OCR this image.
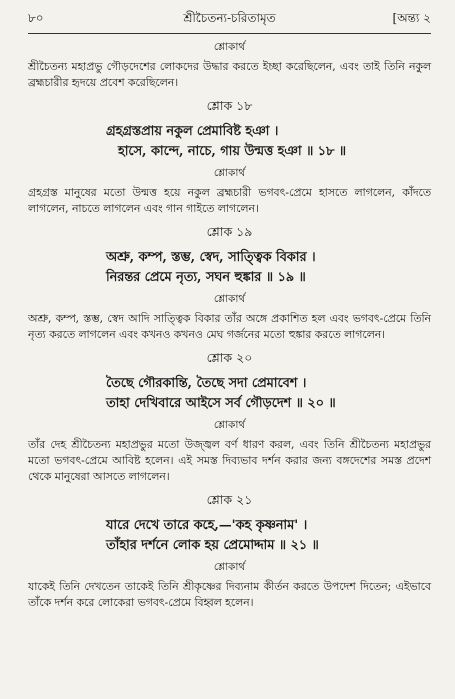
৮০	শ্রীচৈতন্য-চরিতামৃত	[অন্ত্য ২
শ্লোকার্থ

শ্রীচৈতন্য মহাপ্রভু গৌড়দেশের লোকদের উদ্ধার করতে ইচ্ছা করেছিলেন, এবং তাই তিনি নকুল ব্রহ্মচারীর হৃদয়ে প্রবেশ করেছিলেন।

শ্লোক ১৮
গ্রহগ্রস্তপ্রায় নকুল প্রেমাবিষ্ট হঞা ।
হাসে, কান্দে, নাচে, গায় উন্মত্ত হঞা ॥ ১৮ ॥
শ্লোকার্থ

গ্রহগ্রস্ত মানুষের মতো উন্মত্ত হয়ে নকুল ব্রহ্মচারী ভগবৎ-প্রেমে হাসতে লাগলেন, কাঁদতে লাগলেন, নাচতে লাগলেন এবং গান গাইতে লাগলেন।

শ্লোক ১৯
অশ্রু, কম্প, স্তম্ভ, স্বেদ, সাত্ত্বিক বিকার ।
নিরন্তর প্রেমে নৃত্য, সঘন হুঙ্কার ॥ ১৯ ॥
শ্লোকার্থ

অশ্রু, কম্প, স্তম্ভ, স্বেদ আদি সাত্ত্বিক বিকার তাঁর অঙ্গে প্রকাশিত হল এবং ভগবৎ-প্রেমে তিনি নৃত্য করতে লাগলেন এবং কখনও কখনও মেঘ গর্জনের মতো হুঙ্কার করতে লাগলেন।

শ্লোক ২০
তৈছে গৌরকান্তি, তৈছে সদা প্রেমাবেশ ।
তাহা দেখিবারে আইসে সর্ব গৌড়দেশ ॥ ২০ ॥
শ্লোকার্থ

তাঁর দেহ শ্রীচৈতন্য মহাপ্রভুর মতো উজ্জ্বল বর্ণ ধারণ করল, এবং তিনি শ্রীচৈতন্য মহাপ্রভুর মতো ভগবৎ-প্রেমে আবিষ্ট হলেন। এই সমস্ত দিব্যভাব দর্শন করার জন্য বঙ্গদেশের সমস্ত প্রদেশ থেকে মানুষেরা আসতে লাগলেন।

শ্লোক ২১
যারে দেখে তারে কহে,—'কহ কৃষ্ণনাম' ।
তাঁহার দর্শনে লোক হয় প্রেমোদ্দাম ॥ ২১ ॥
শ্লোকার্থ

যাকেই তিনি দেখতেন তাকেই তিনি শ্রীকৃষ্ণের দিব্যনাম কীর্তন করতে উপদেশ দিতেন; এইভাবে তাঁকে দর্শন করে লোকেরা ভগবৎ-প্রেমে বিহ্বল হলেন।
